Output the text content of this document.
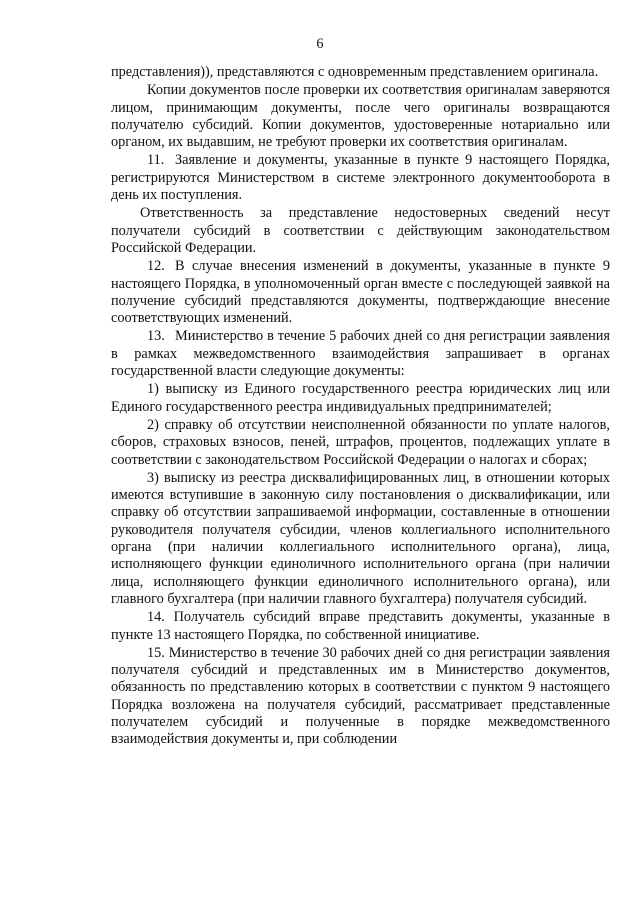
6

представления)), представляются с одновременным представлением оригинала.

Копии документов после проверки их соответствия оригиналам заверяются лицом, принимающим документы, после чего оригиналы возвращаются получателю субсидий. Копии документов, удостоверенные нотариально или органом, их выдавшим, не требуют проверки их соответствия оригиналам.

11. Заявление и документы, указанные в пункте 9 настоящего Порядка, регистрируются Министерством в системе электронного документооборота в день их поступления.

Ответственность за представление недостоверных сведений несут получатели субсидий в соответствии с действующим законодательством Российской Федерации.

12. В случае внесения изменений в документы, указанные в пункте 9 настоящего Порядка, в уполномоченный орган вместе с последующей заявкой на получение субсидий представляются документы, подтверждающие внесение соответствующих изменений.

13. Министерство в течение 5 рабочих дней со дня регистрации заявления в рамках межведомственного взаимодействия запрашивает в органах государственной власти следующие документы:

1) выписку из Единого государственного реестра юридических лиц или Единого государственного реестра индивидуальных предпринимателей;

2) справку об отсутствии неисполненной обязанности по уплате налогов, сборов, страховых взносов, пеней, штрафов, процентов, подлежащих уплате в соответствии с законодательством Российской Федерации о налогах и сборах;

3) выписку из реестра дисквалифицированных лиц, в отношении которых имеются вступившие в законную силу постановления о дисквалификации, или справку об отсутствии запрашиваемой информации, составленные в отношении руководителя получателя субсидии, членов коллегиального исполнительного органа (при наличии коллегиального исполнительного органа), лица, исполняющего функции единоличного исполнительного органа (при наличии лица, исполняющего функции единоличного исполнительного органа), или главного бухгалтера (при наличии главного бухгалтера) получателя субсидий.

14. Получатель субсидий вправе представить документы, указанные в пункте 13 настоящего Порядка, по собственной инициативе.

15. Министерство в течение 30 рабочих дней со дня регистрации заявления получателя субсидий и представленных им в Министерство документов, обязанность по представлению которых в соответствии с пунктом 9 настоящего Порядка возложена на получателя субсидий, рассматривает представленные получателем субсидий и полученные в порядке межведомственного взаимодействия документы и, при соблюдении
